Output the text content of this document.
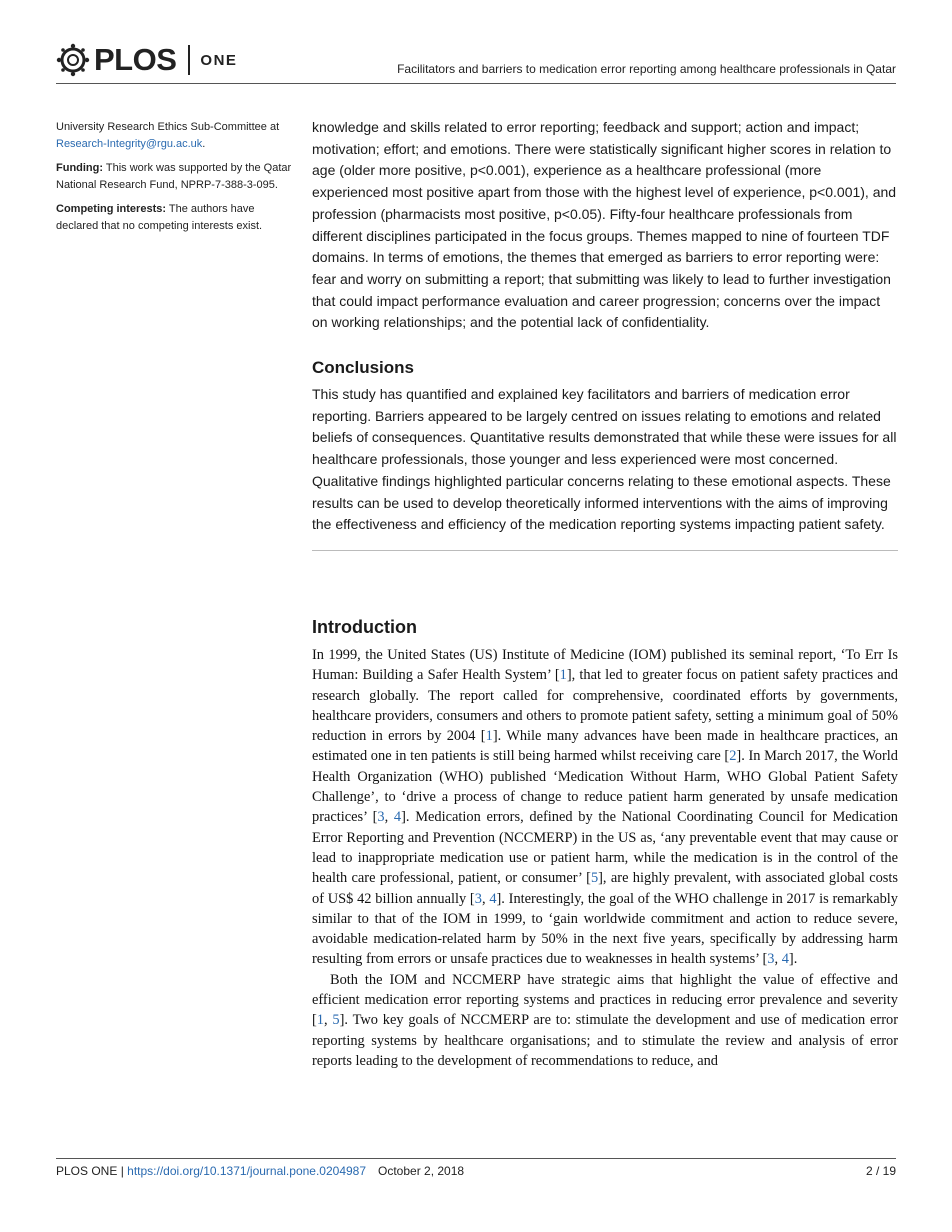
PLOS ONE
Facilitators and barriers to medication error reporting among healthcare professionals in Qatar

University Research Ethics Sub-Committee at Research-Integrity@rgu.ac.uk.

Funding: This work was supported by the Qatar National Research Fund, NPRP-7-388-3-095.

Competing interests: The authors have declared that no competing interests exist.

knowledge and skills related to error reporting; feedback and support; action and impact; motivation; effort; and emotions. There were statistically significant higher scores in relation to age (older more positive, p<0.001), experience as a healthcare professional (more experienced most positive apart from those with the highest level of experience, p<0.001), and profession (pharmacists most positive, p<0.05). Fifty-four healthcare professionals from different disciplines participated in the focus groups. Themes mapped to nine of fourteen TDF domains. In terms of emotions, the themes that emerged as barriers to error reporting were: fear and worry on submitting a report; that submitting was likely to lead to further investigation that could impact performance evaluation and career progression; concerns over the impact on working relationships; and the potential lack of confidentiality.

Conclusions

This study has quantified and explained key facilitators and barriers of medication error reporting. Barriers appeared to be largely centred on issues relating to emotions and related beliefs of consequences. Quantitative results demonstrated that while these were issues for all healthcare professionals, those younger and less experienced were most concerned. Qualitative findings highlighted particular concerns relating to these emotional aspects. These results can be used to develop theoretically informed interventions with the aims of improving the effectiveness and efficiency of the medication reporting systems impacting patient safety.

Introduction

In 1999, the United States (US) Institute of Medicine (IOM) published its seminal report, ‘To Err Is Human: Building a Safer Health System’ [1], that led to greater focus on patient safety practices and research globally. The report called for comprehensive, coordinated efforts by governments, healthcare providers, consumers and others to promote patient safety, setting a minimum goal of 50% reduction in errors by 2004 [1]. While many advances have been made in healthcare practices, an estimated one in ten patients is still being harmed whilst receiving care [2]. In March 2017, the World Health Organization (WHO) published ‘Medication Without Harm, WHO Global Patient Safety Challenge’, to ‘drive a process of change to reduce patient harm generated by unsafe medication practices’ [3, 4]. Medication errors, defined by the National Coordinating Council for Medication Error Reporting and Prevention (NCCMERP) in the US as, ‘any preventable event that may cause or lead to inappropriate medication use or patient harm, while the medication is in the control of the health care professional, patient, or consumer’ [5], are highly prevalent, with associated global costs of US$ 42 billion annually [3, 4]. Interestingly, the goal of the WHO challenge in 2017 is remarkably similar to that of the IOM in 1999, to ‘gain worldwide commitment and action to reduce severe, avoidable medication-related harm by 50% in the next five years, specifically by addressing harm resulting from errors or unsafe practices due to weaknesses in health systems’ [3, 4].

Both the IOM and NCCMERP have strategic aims that highlight the value of effective and efficient medication error reporting systems and practices in reducing error prevalence and severity [1, 5]. Two key goals of NCCMERP are to: stimulate the development and use of medication error reporting systems by healthcare organisations; and to stimulate the review and analysis of error reports leading to the development of recommendations to reduce, and

PLOS ONE | https://doi.org/10.1371/journal.pone.0204987 October 2, 2018	2 / 19
